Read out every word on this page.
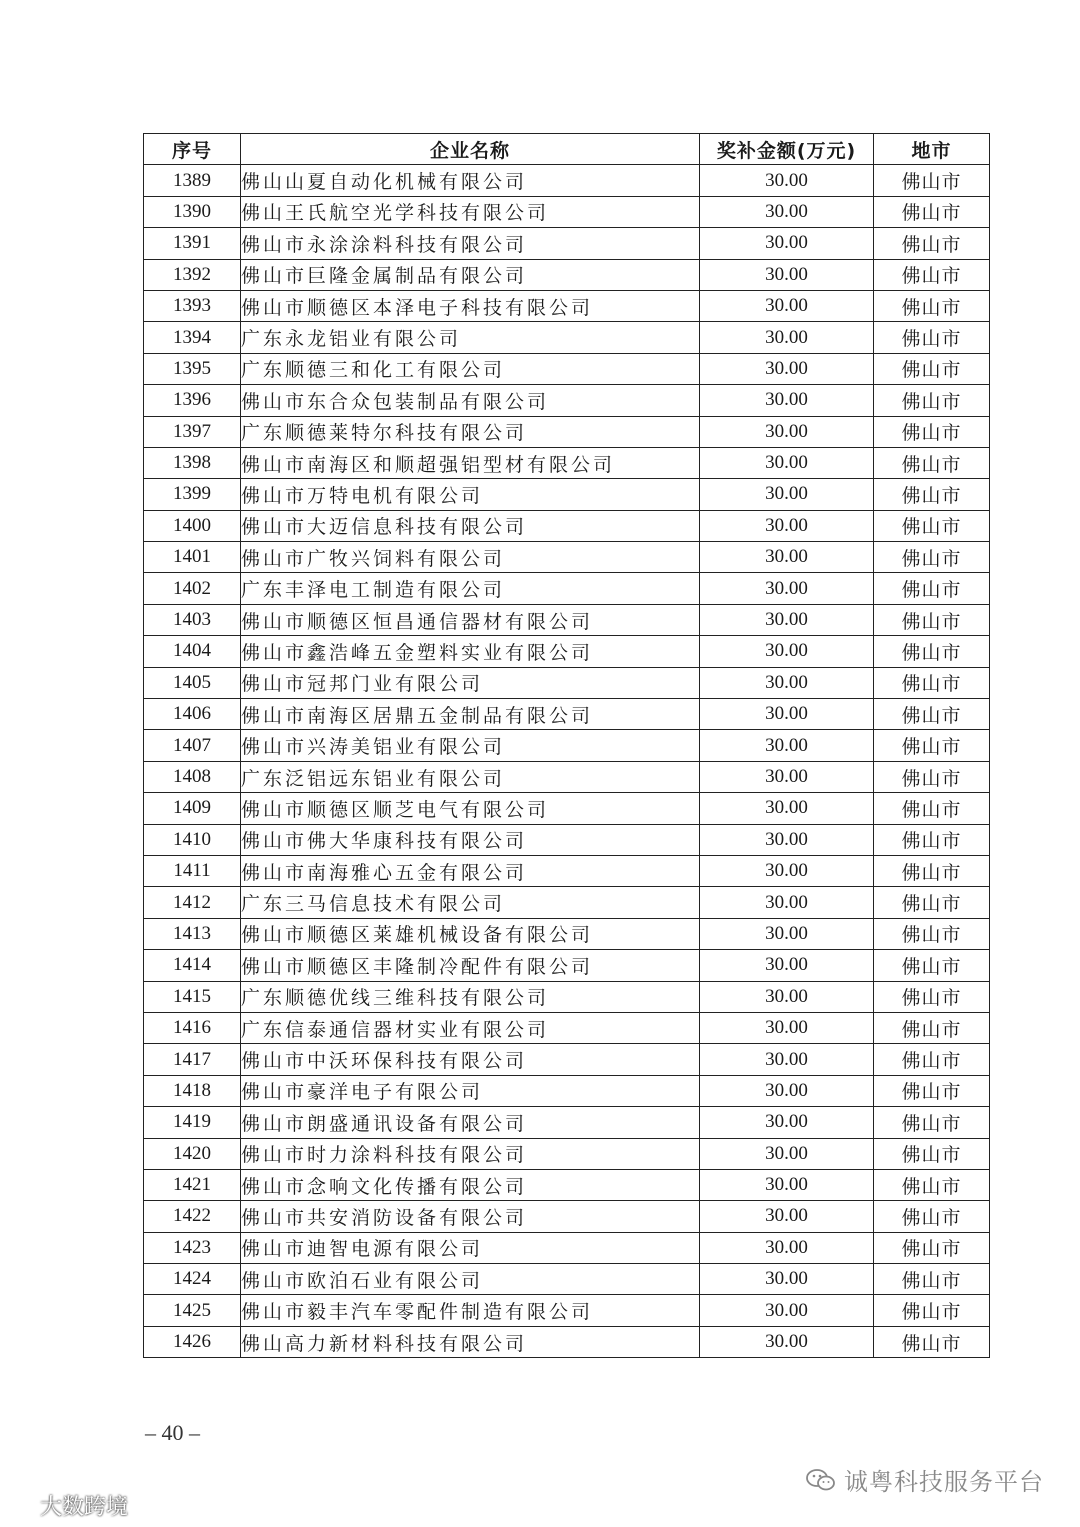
序号	企业名称	奖补金额(万元)	地市
1389	佛山山夏自动化机械有限公司	30.00	佛山市
1390	佛山王氏航空光学科技有限公司	30.00	佛山市
1391	佛山市永涂涂料科技有限公司	30.00	佛山市
1392	佛山市巨隆金属制品有限公司	30.00	佛山市
1393	佛山市顺德区本泽电子科技有限公司	30.00	佛山市
1394	广东永龙铝业有限公司	30.00	佛山市
1395	广东顺德三和化工有限公司	30.00	佛山市
1396	佛山市东合众包装制品有限公司	30.00	佛山市
1397	广东顺德莱特尔科技有限公司	30.00	佛山市
1398	佛山市南海区和顺超强铝型材有限公司	30.00	佛山市
1399	佛山市万特电机有限公司	30.00	佛山市
1400	佛山市大迈信息科技有限公司	30.00	佛山市
1401	佛山市广牧兴饲料有限公司	30.00	佛山市
1402	广东丰泽电工制造有限公司	30.00	佛山市
1403	佛山市顺德区恒昌通信器材有限公司	30.00	佛山市
1404	佛山市鑫浩峰五金塑料实业有限公司	30.00	佛山市
1405	佛山市冠邦门业有限公司	30.00	佛山市
1406	佛山市南海区居鼎五金制品有限公司	30.00	佛山市
1407	佛山市兴涛美铝业有限公司	30.00	佛山市
1408	广东泛铝远东铝业有限公司	30.00	佛山市
1409	佛山市顺德区顺芝电气有限公司	30.00	佛山市
1410	佛山市佛大华康科技有限公司	30.00	佛山市
1411	佛山市南海雅心五金有限公司	30.00	佛山市
1412	广东三马信息技术有限公司	30.00	佛山市
1413	佛山市顺德区莱雄机械设备有限公司	30.00	佛山市
1414	佛山市顺德区丰隆制冷配件有限公司	30.00	佛山市
1415	广东顺德优线三维科技有限公司	30.00	佛山市
1416	广东信泰通信器材实业有限公司	30.00	佛山市
1417	佛山市中沃环保科技有限公司	30.00	佛山市
1418	佛山市豪洋电子有限公司	30.00	佛山市
1419	佛山市朗盛通讯设备有限公司	30.00	佛山市
1420	佛山市时力涂料科技有限公司	30.00	佛山市
1421	佛山市念响文化传播有限公司	30.00	佛山市
1422	佛山市共安消防设备有限公司	30.00	佛山市
1423	佛山市迪智电源有限公司	30.00	佛山市
1424	佛山市欧泊石业有限公司	30.00	佛山市
1425	佛山市毅丰汽车零配件制造有限公司	30.00	佛山市
1426	佛山高力新材料科技有限公司	30.00	佛山市
– 40 –
大数跨境
诚粤科技服务平台
